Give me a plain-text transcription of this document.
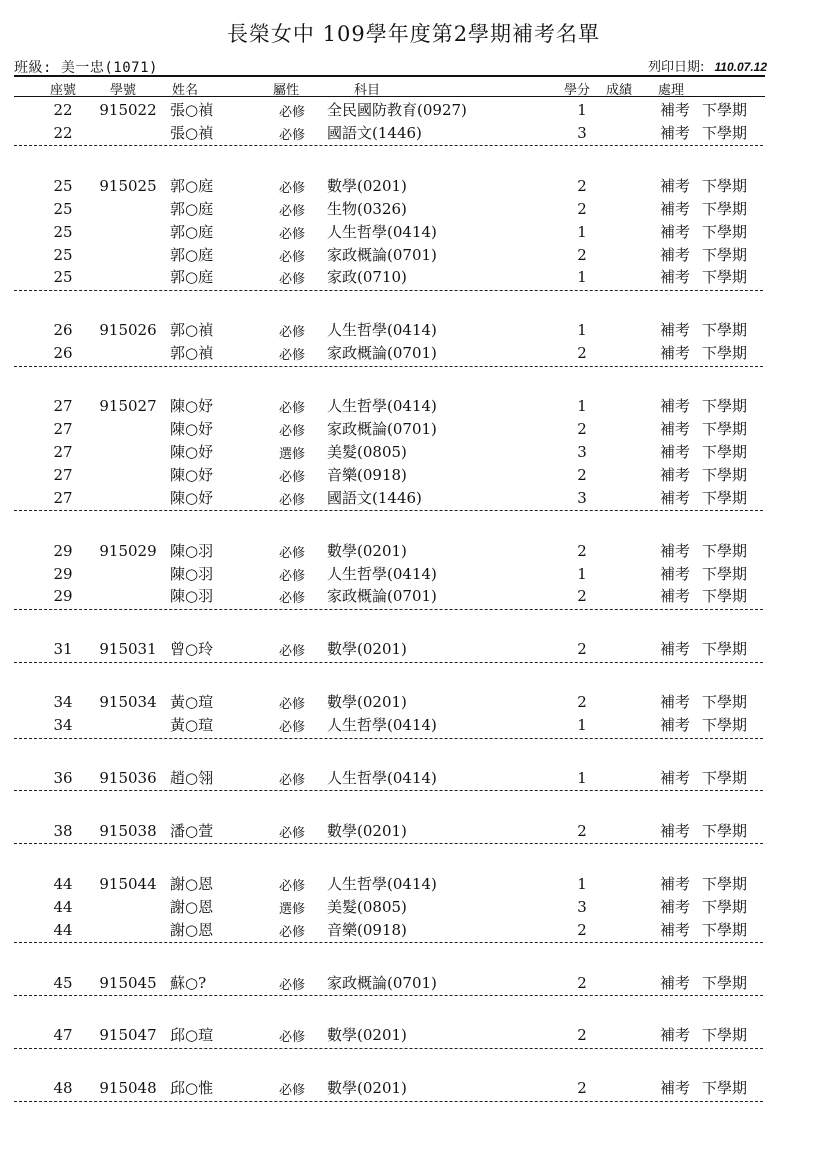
長榮女中 109學年度第2學期補考名單
班級: 美一忠(1071)	列印日期: 110.07.12
座號	學號	姓名	屬性	科目	學分 成績 處理
22	915022 張○禎	必修	全民國防教育(0927)	1	補考 下學期
22	張○禎	必修	國語文(1446)	3	補考 下學期
25	915025 郭○庭	必修	數學(0201)	2	補考 下學期
25	郭○庭	必修	生物(0326)	2	補考 下學期
25	郭○庭	必修	人生哲學(0414)	1	補考 下學期
25	郭○庭	必修	家政概論(0701)	2	補考 下學期
25	郭○庭	必修	家政(0710)	1	補考 下學期
26	915026 郭○禎	必修	人生哲學(0414)	1	補考 下學期
26	郭○禎	必修	家政概論(0701)	2	補考 下學期
27	915027 陳○妤	必修	人生哲學(0414)	1	補考 下學期
27	陳○妤	必修	家政概論(0701)	2	補考 下學期
27	陳○妤	選修	美髮(0805)	3	補考 下學期
27	陳○妤	必修	音樂(0918)	2	補考 下學期
27	陳○妤	必修	國語文(1446)	3	補考 下學期
29	915029 陳○羽	必修	數學(0201)	2	補考 下學期
29	陳○羽	必修	人生哲學(0414)	1	補考 下學期
29	陳○羽	必修	家政概論(0701)	2	補考 下學期
31	915031 曾○玲	必修	數學(0201)	2	補考 下學期
34	915034 黃○瑄	必修	數學(0201)	2	補考 下學期
34	黃○瑄	必修	人生哲學(0414)	1	補考 下學期
36	915036 趙○翎	必修	人生哲學(0414)	1	補考 下學期
38	915038 潘○萱	必修	數學(0201)	2	補考 下學期
44	915044 謝○恩	必修	人生哲學(0414)	1	補考 下學期
44	謝○恩	選修	美髮(0805)	3	補考 下學期
44	謝○恩	必修	音樂(0918)	2	補考 下學期
45	915045 蘇○?	必修	家政概論(0701)	2	補考 下學期
47	915047 邱○瑄	必修	數學(0201)	2	補考 下學期
48	915048 邱○惟	必修	數學(0201)	2	補考 下學期
